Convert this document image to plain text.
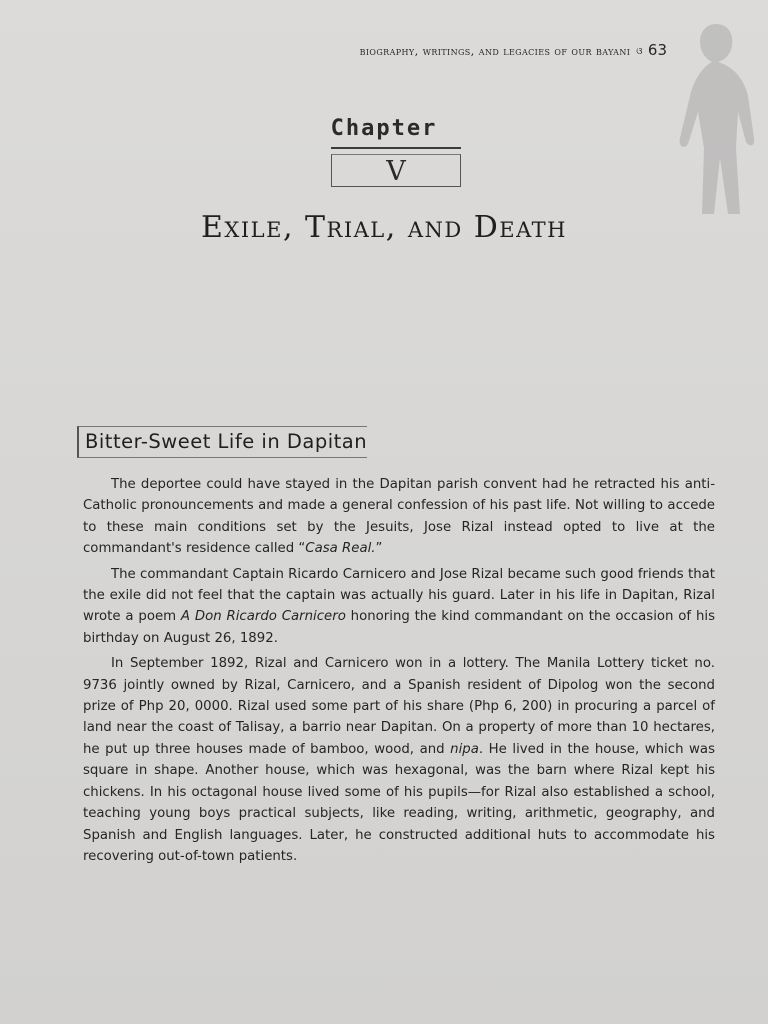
biography, writings, and legacies of our bayani ଓ 63
Chapter
V
Exile, Trial, and Death
Bitter-Sweet Life in Dapitan

The deportee could have stayed in the Dapitan parish convent had he retracted his anti-Catholic pronouncements and made a general confession of his past life. Not willing to accede to these main conditions set by the Jesuits, Jose Rizal instead opted to live at the commandant's residence called “Casa Real.”

The commandant Captain Ricardo Carnicero and Jose Rizal became such good friends that the exile did not feel that the captain was actually his guard. Later in his life in Dapitan, Rizal wrote a poem A Don Ricardo Carnicero honoring the kind commandant on the occasion of his birthday on August 26, 1892.

In September 1892, Rizal and Carnicero won in a lottery. The Manila Lottery ticket no. 9736 jointly owned by Rizal, Carnicero, and a Spanish resident of Dipolog won the second prize of Php 20, 0000. Rizal used some part of his share (Php 6, 200) in procuring a parcel of land near the coast of Talisay, a barrio near Dapitan. On a property of more than 10 hectares, he put up three houses made of bamboo, wood, and nipa. He lived in the house, which was square in shape. Another house, which was hexagonal, was the barn where Rizal kept his chickens. In his octagonal house lived some of his pupils—for Rizal also established a school, teaching young boys practical subjects, like reading, writing, arithmetic, geography, and Spanish and English languages. Later, he constructed additional huts to accommodate his recovering out-of-town patients.
